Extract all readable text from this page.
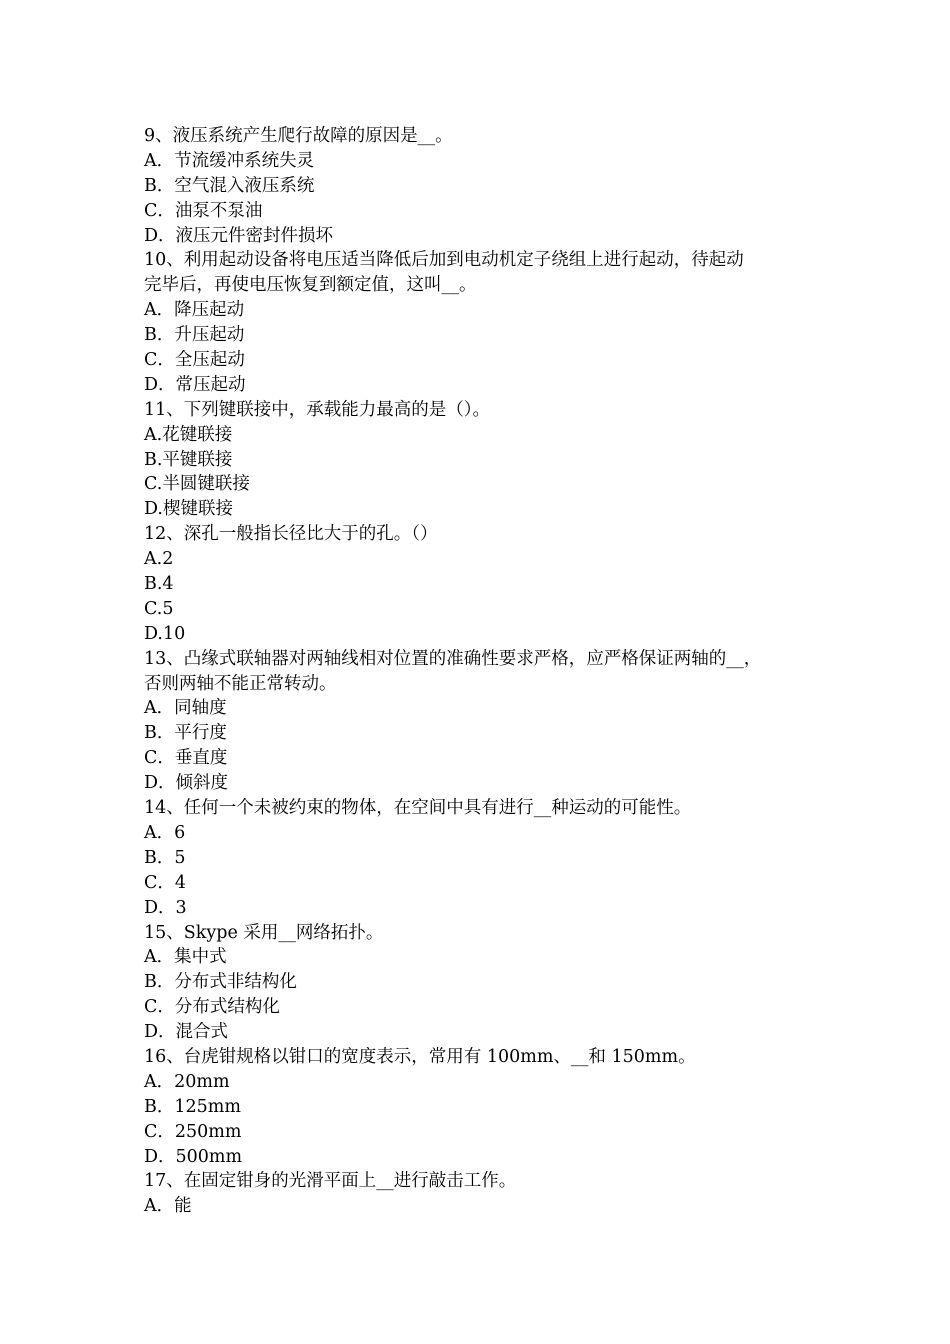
9、液压系统产生爬行故障的原因是__。
A．节流缓冲系统失灵
B．空气混入液压系统
C．油泵不泵油
D．液压元件密封件损坏
10、利用起动设备将电压适当降低后加到电动机定子绕组上进行起动，待起动
完毕后，再使电压恢复到额定值，这叫__。
A．降压起动
B．升压起动
C．全压起动
D．常压起动
11、下列键联接中，承载能力最高的是（）。
A.花键联接
B.平键联接
C.半圆键联接
D.楔键联接
12、深孔一般指长径比大于的孔。（）
A.2
B.4
C.5
D.10
13、凸缘式联轴器对两轴线相对位置的准确性要求严格，应严格保证两轴的__，
否则两轴不能正常转动。
A．同轴度
B．平行度
C．垂直度
D．倾斜度
14、任何一个未被约束的物体，在空间中具有进行__种运动的可能性。
A．6
B．5
C．4
D．3
15、Skype 采用__网络拓扑。
A．集中式
B．分布式非结构化
C．分布式结构化
D．混合式
16、台虎钳规格以钳口的宽度表示，常用有 100mm、__和 150mm。
A．20mm
B．125mm
C．250mm
D．500mm
17、在固定钳身的光滑平面上__进行敲击工作。
A．能
